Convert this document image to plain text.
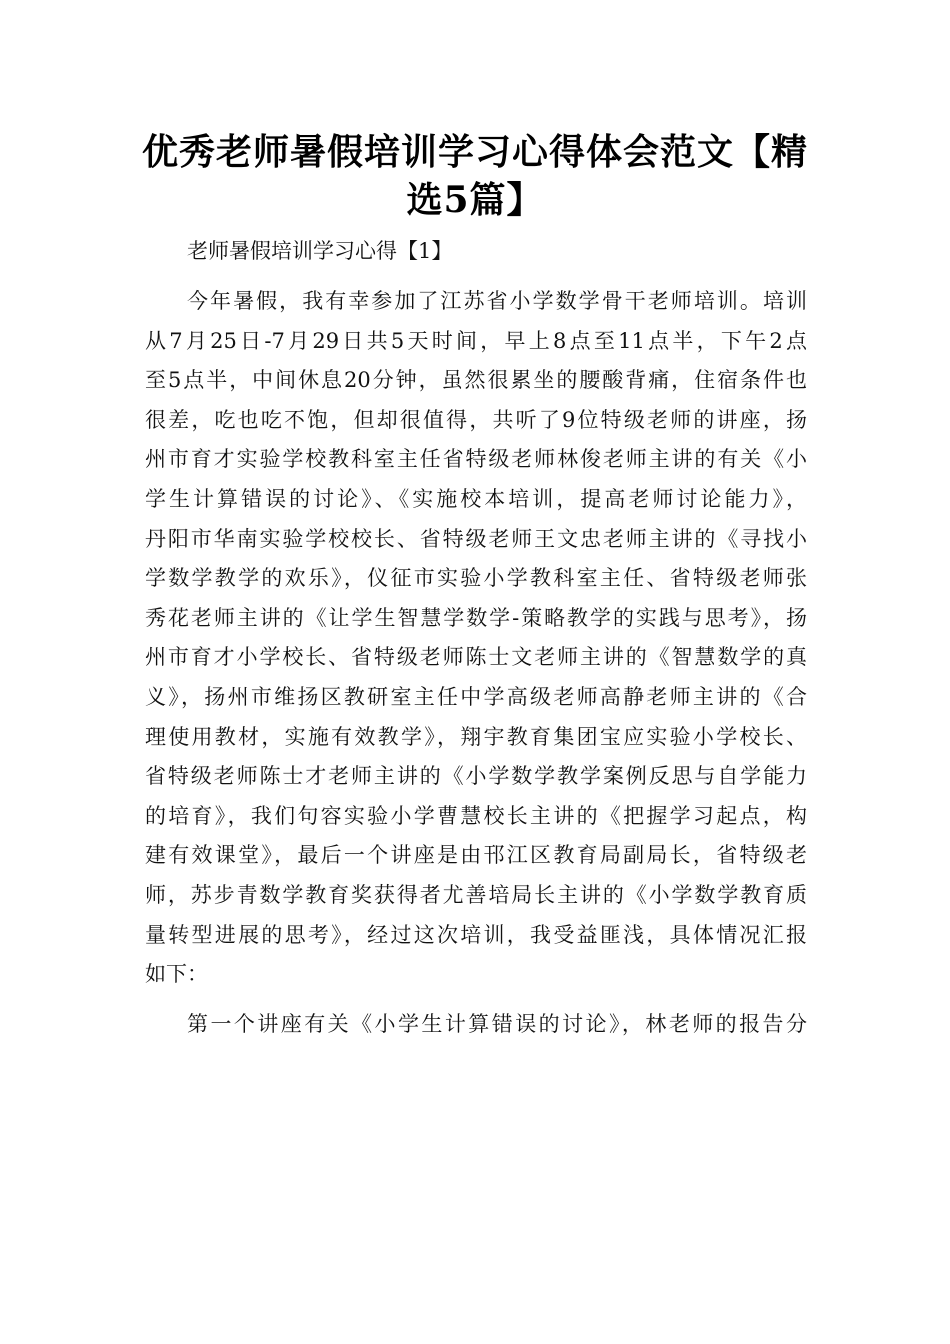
优秀老师暑假培训学习心得体会范文【精
选5篇】

老师暑假培训学习心得【1】

今年暑假，我有幸参加了江苏省小学数学骨干老师培训。培训
从7月25日-7月29日共5天时间，早上8点至11点半，下午2点
至5点半，中间休息20分钟，虽然很累坐的腰酸背痛，住宿条件也
很差，吃也吃不饱，但却很值得，共听了9位特级老师的讲座，扬
州市育才实验学校教科室主任省特级老师林俊老师主讲的有关《小
学生计算错误的讨论》、《实施校本培训，提高老师讨论能力》，
丹阳市华南实验学校校长、省特级老师王文忠老师主讲的《寻找小
学数学教学的欢乐》，仪征市实验小学教科室主任、省特级老师张
秀花老师主讲的《让学生智慧学数学-策略教学的实践与思考》，扬
州市育才小学校长、省特级老师陈士文老师主讲的《智慧数学的真
义》，扬州市维扬区教研室主任中学高级老师高静老师主讲的《合
理使用教材，实施有效教学》，翔宇教育集团宝应实验小学校长、
省特级老师陈士才老师主讲的《小学数学教学案例反思与自学能力
的培育》，我们句容实验小学曹慧校长主讲的《把握学习起点，构
建有效课堂》，最后一个讲座是由邗江区教育局副局长，省特级老
师，苏步青数学教育奖获得者尤善培局长主讲的《小学数学教育质
量转型进展的思考》，经过这次培训，我受益匪浅，具体情况汇报
如下：

第一个讲座有关《小学生计算错误的讨论》，林老师的报告分
